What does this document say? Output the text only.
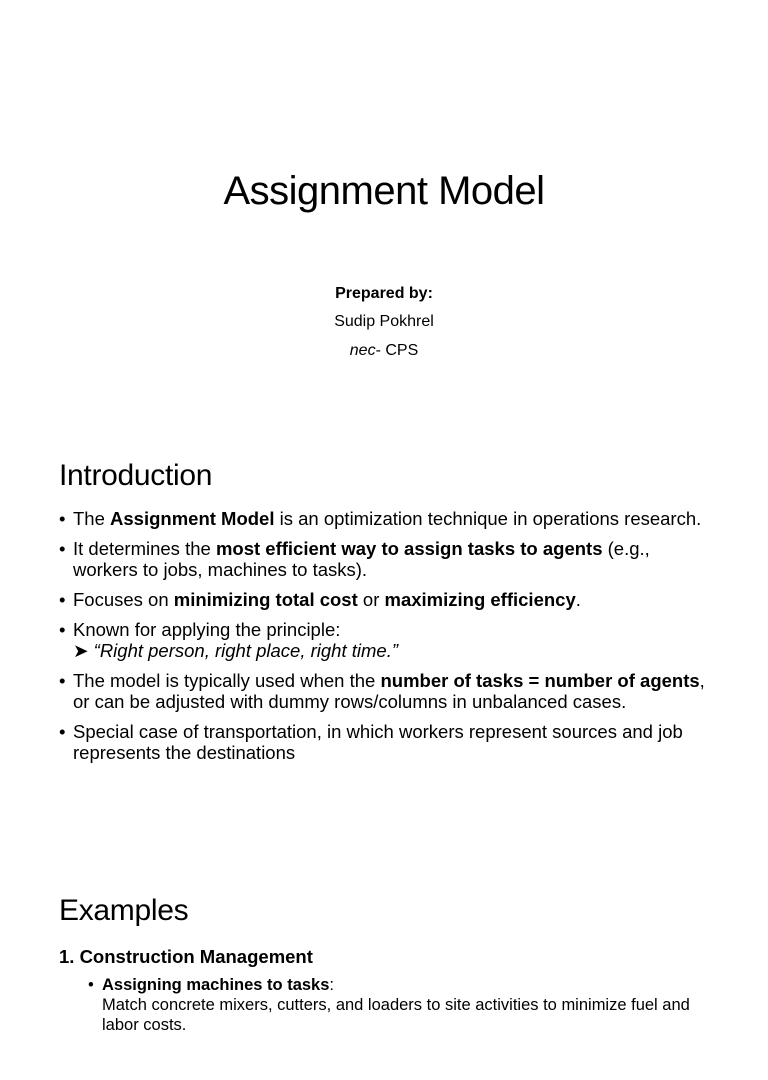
Assignment Model
Prepared by:
Sudip Pokhrel
nec- CPS
Introduction
• The Assignment Model is an optimization technique in operations research.
• It determines the most efficient way to assign tasks to agents (e.g., workers to jobs, machines to tasks).
• Focuses on minimizing total cost or maximizing efficiency.
• Known for applying the principle:
➤ “Right person, right place, right time.”
• The model is typically used when the number of tasks = number of agents, or can be adjusted with dummy rows/columns in unbalanced cases.
• Special case of transportation, in which workers represent sources and job represents the destinations
Examples
1. Construction Management
• Assigning machines to tasks:
Match concrete mixers, cutters, and loaders to site activities to minimize fuel and labor costs.
